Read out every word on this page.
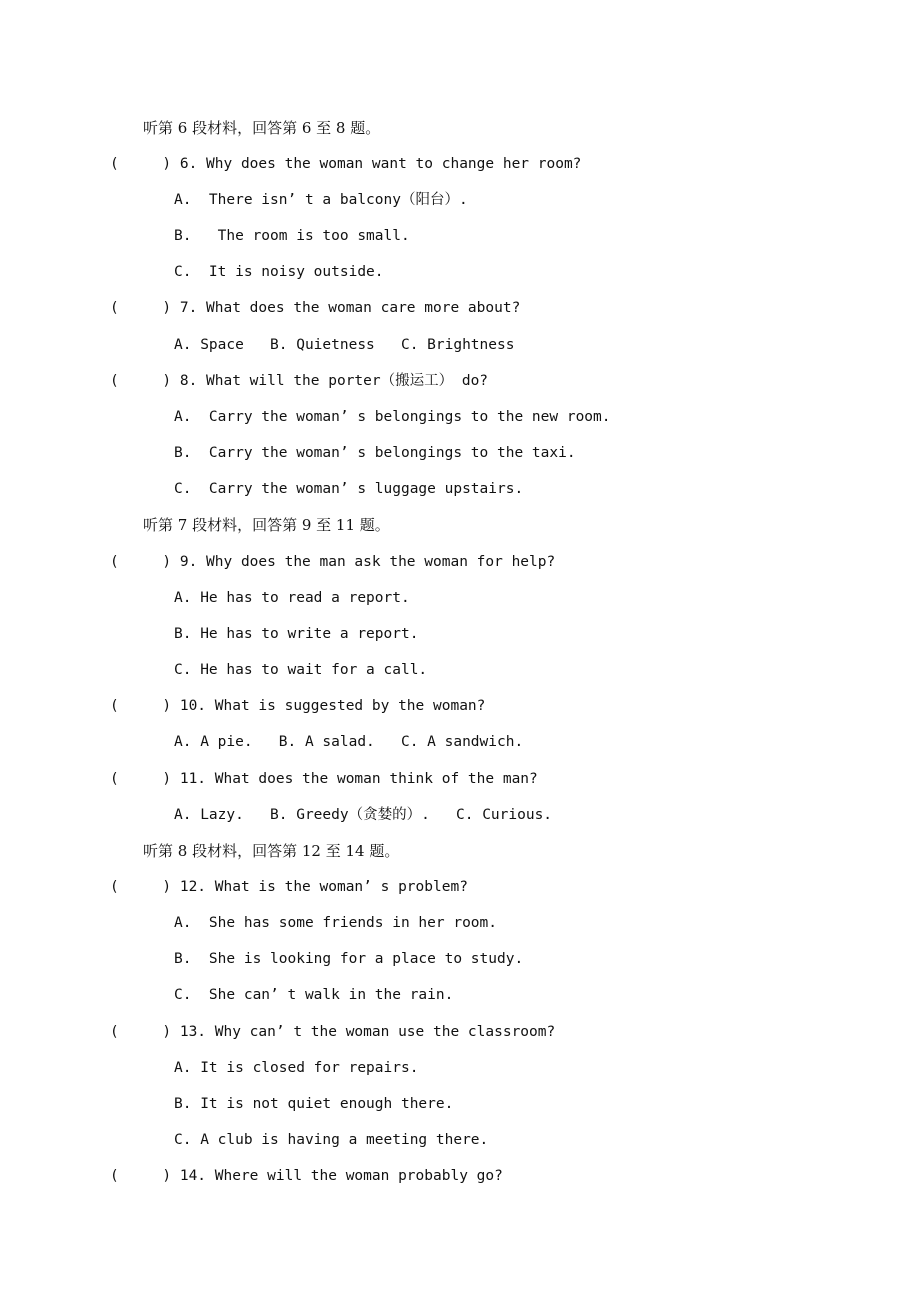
听第 6 段材料，回答第 6 至 8 题。
(     ) 6. Why does the woman want to change her room?
A.  There isn’ t a balcony（阳台）.
B.   The room is too small.
C.  It is noisy outside.
(     ) 7. What does the woman care more about?
A. Space   B. Quietness   C. Brightness
(     ) 8. What will the porter（搬运工） do?
A.  Carry the woman’ s belongings to the new room.
B.  Carry the woman’ s belongings to the taxi.
C.  Carry the woman’ s luggage upstairs.
听第 7 段材料，回答第 9 至 11 题。
(     ) 9. Why does the man ask the woman for help?
A. He has to read a report.
B. He has to write a report.
C. He has to wait for a call.
(     ) 10. What is suggested by the woman?
A. A pie.   B. A salad.   C. A sandwich.
(     ) 11. What does the woman think of the man?
A. Lazy.   B. Greedy（贪婪的）.   C. Curious.
听第 8 段材料，回答第 12 至 14 题。
(     ) 12. What is the woman’ s problem?
A.  She has some friends in her room.
B.  She is looking for a place to study.
C.  She can’ t walk in the rain.
(     ) 13. Why can’ t the woman use the classroom?
A. It is closed for repairs.
B. It is not quiet enough there.
C. A club is having a meeting there.
(     ) 14. Where will the woman probably go?
